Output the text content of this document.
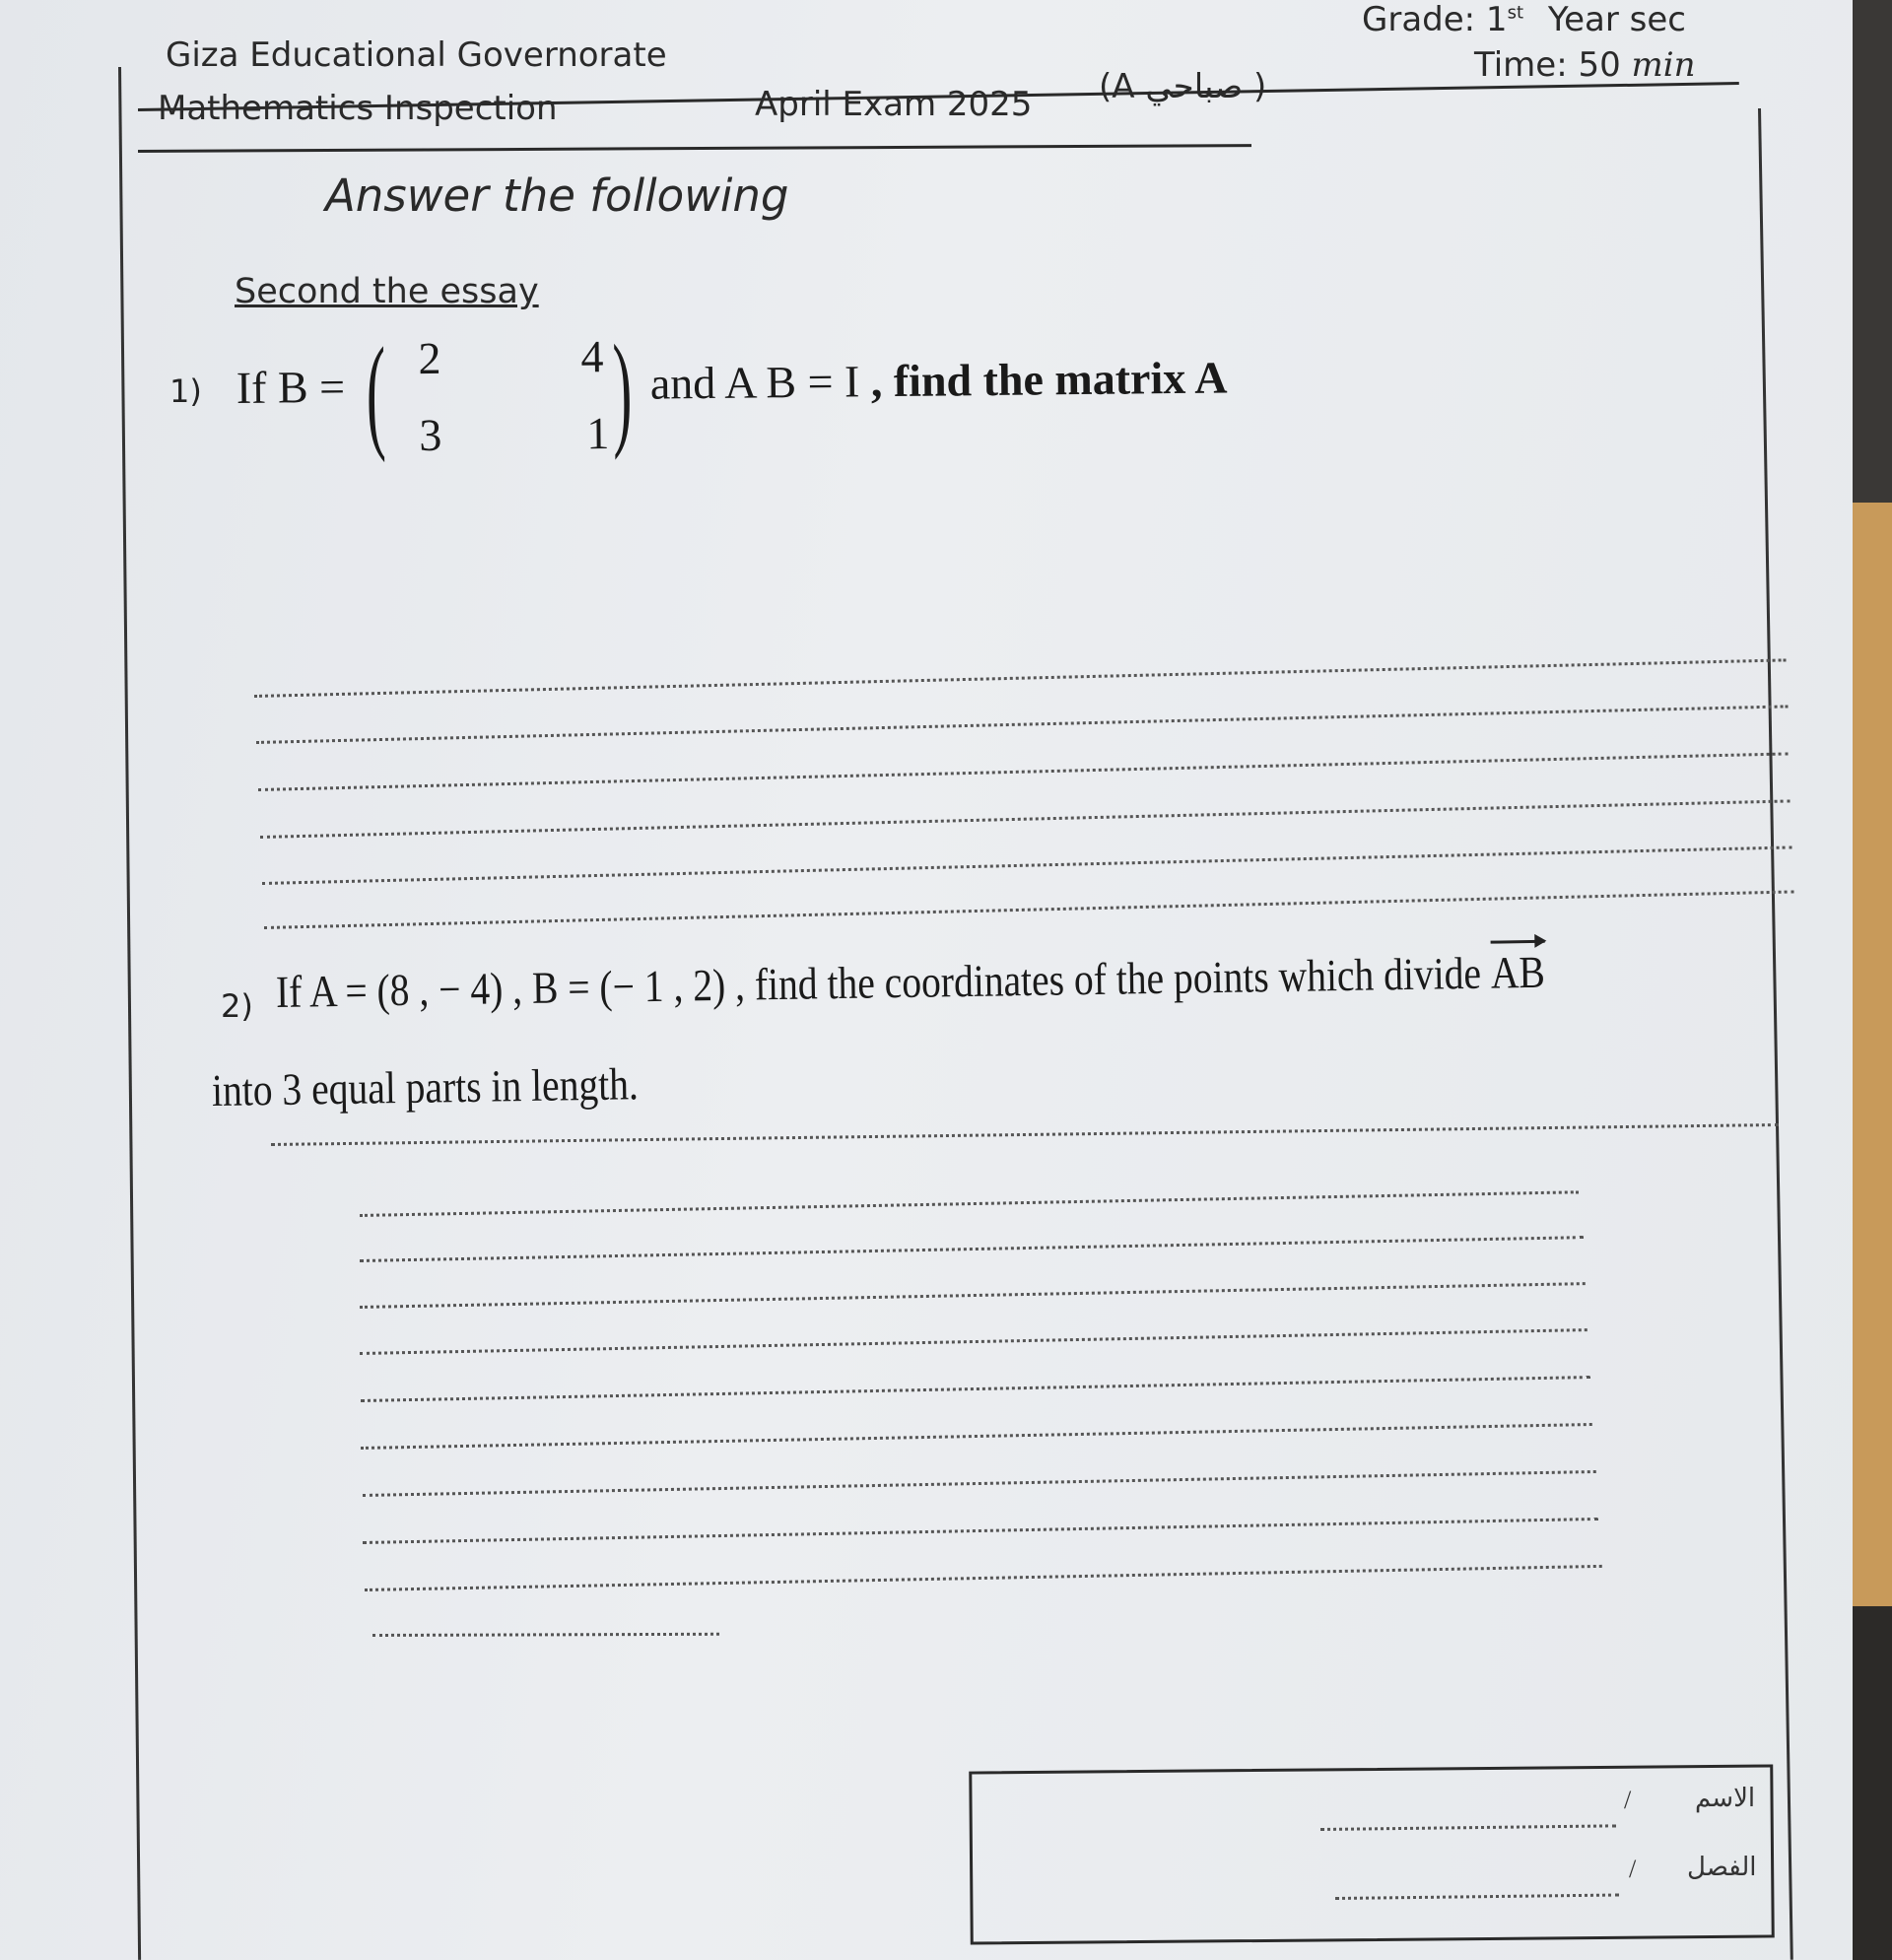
Giza Educational Governorate
Mathematics Inspection	April Exam 2025 (A صباحي )
Grade: 1st Year sec
Time: 50 min
Answer the following
Second the essay
1) If B = ( 2	4
3	1 ) and A B = I , find the matrix A
2) If A = (8 , − 4) , B = (− 1 , 2) , find the coordinates of the points which divide AB
into 3 equal parts in length.
الاسم
/
الفصل
/
